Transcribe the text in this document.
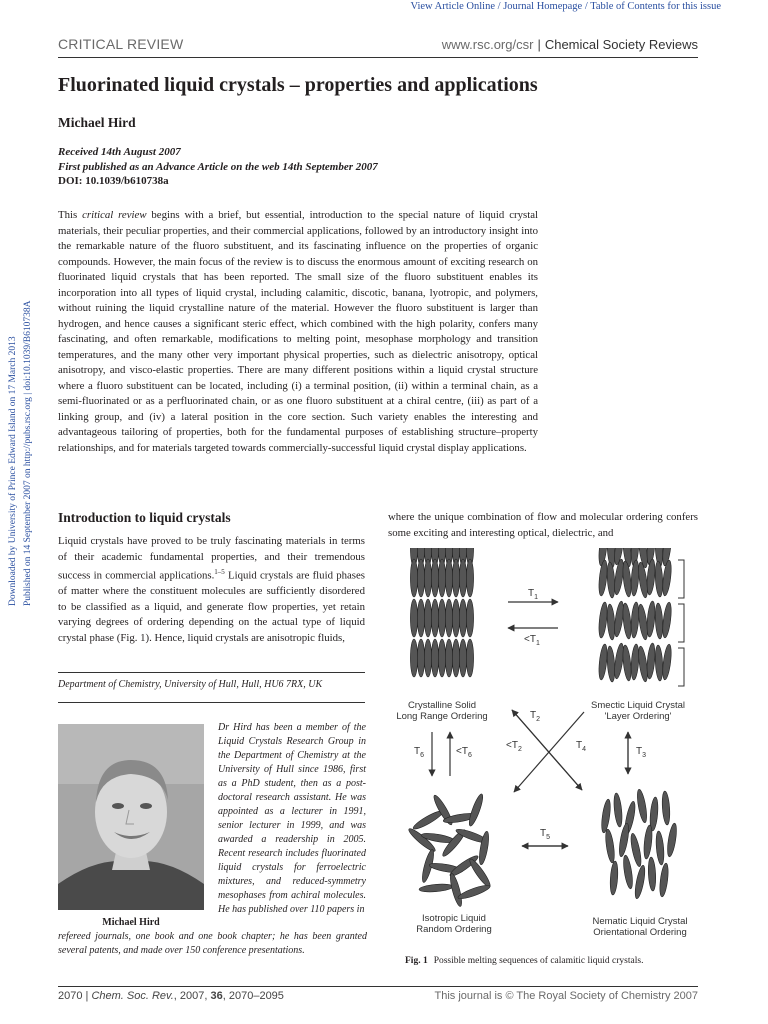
View Article Online / Journal Homepage / Table of Contents for this issue
CRITICAL REVIEW	www.rsc.org/csr | Chemical Society Reviews
Fluorinated liquid crystals – properties and applications
Michael Hird
Received 14th August 2007
First published as an Advance Article on the web 14th September 2007
DOI: 10.1039/b610738a
This critical review begins with a brief, but essential, introduction to the special nature of liquid crystal materials, their peculiar properties, and their commercial applications, followed by an introductory insight into the remarkable nature of the fluoro substituent, and its fascinating influence on the properties of organic compounds. However, the main focus of the review is to discuss the enormous amount of exciting research on fluorinated liquid crystals that has been reported. The small size of the fluoro substituent enables its incorporation into all types of liquid crystal, including calamitic, discotic, banana, lyotropic, and polymers, without ruining the liquid crystalline nature of the material. However the fluoro substituent is larger than hydrogen, and hence causes a significant steric effect, which combined with the high polarity, confers many fascinating, and often remarkable, modifications to melting point, mesophase morphology and transition temperatures, and the many other very important physical properties, such as dielectric anisotropy, optical anisotropy, and visco-elastic properties. There are many different positions within a liquid crystal structure where a fluoro substituent can be located, including (i) a terminal position, (ii) within a terminal chain, as a semi-fluorinated or as a perfluorinated chain, or as one fluoro substituent at a chiral centre, (iii) as part of a linking group, and (iv) a lateral position in the core section. Such variety enables the interesting and advantageous tailoring of properties, both for the fundamental purposes of establishing structure–property relationships, and for materials targeted towards commercially-successful liquid crystal display applications.
Downloaded by University of Prince Edward Island on 17 March 2013 Published on 14 September 2007 on http://pubs.rsc.org | doi:10.1039/B610738A Introduction to liquid crystals
Liquid crystals have proved to be truly fascinating materials in terms of their academic fundamental properties, and their tremendous success in commercial applications.$^{1-5}$ Liquid crystals are fluid phases of matter where the constituent molecules are sufficiently disordered to be classified as a liquid, and generate flow properties, yet retain varying degrees of ordering depending on the actual type of liquid crystal phase (Fig. 1). Hence, liquid crystals are anisotropic fluids,
Department of Chemistry, University of Hull, Hull, HU6 7RX, UK
Michael Hird
Dr Hird has been a member of the Liquid Crystals Research Group in the Department of Chemistry at the University of Hull since 1986, first as a PhD student, then as a post-doctoral research assistant. He was appointed as a lecturer in 1991, senior lecturer in 1999, and was awarded a readership in 2005. Recent research includes fluorinated liquid crystals for ferroelectric mixtures, and reduced-symmetry mesophases from achiral molecules. He has published over 110 papers in
refereed journals, one book and one book chapter; he has been granted several patents, and made over 150 conference presentations.
where the unique combination of flow and molecular ordering confers some exciting and interesting optical, dielectric, and
Crystalline Solid
Long Range Ordering
Smectic Liquid Crystal
'Layer Ordering'
Isotropic Liquid
Random Ordering
Nematic Liquid Crystal
Orientational Ordering
$T_1$
$<T_1$
$T_2$
$<T_2$	$T_4$	$T_3$
$T_5$
$T_6$	$<T_6$
Fig. 1 Possible melting sequences of calamitic liquid crystals.
2070 | Chem. Soc. Rev., 2007, 36, 2070–2095	This journal is © The Royal Society of Chemistry 2007
